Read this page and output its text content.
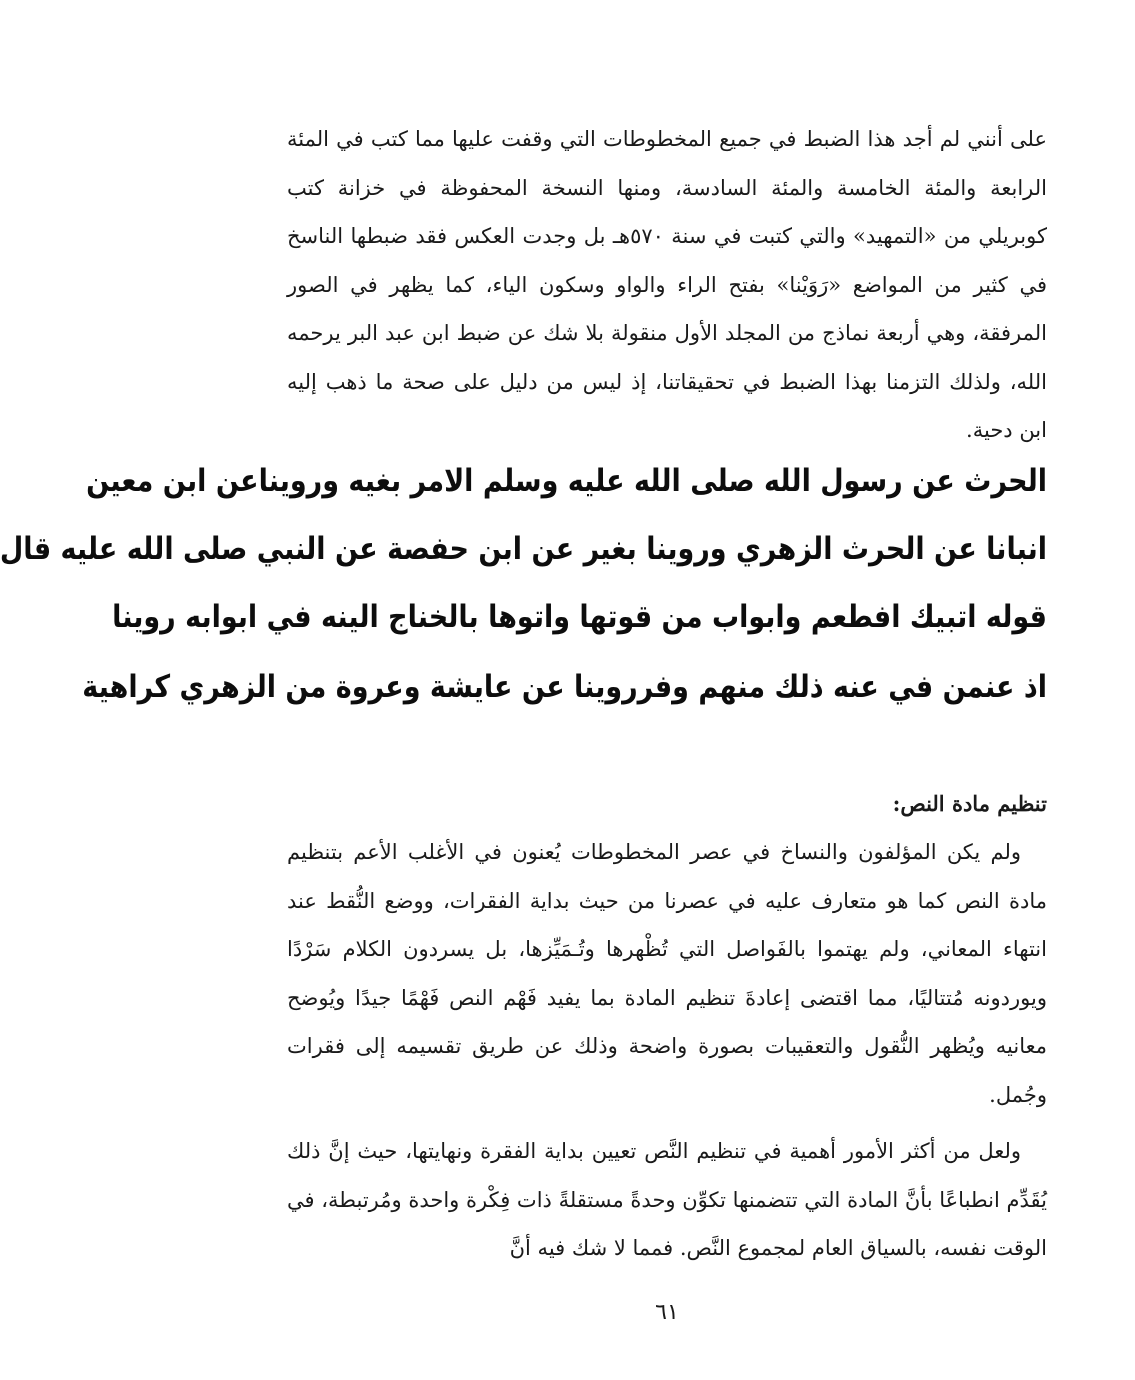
على أنني لم أجد هذا الضبط في جميع المخطوطات التي وقفت عليها مما كتب في المئة الرابعة والمئة الخامسة والمئة السادسة، ومنها النسخة المحفوظة في خزانة كتب كوبريلي من «التمهيد» والتي كتبت في سنة ٥٧٠هـ بل وجدت العكس فقد ضبطها الناسخ في كثير من المواضع «رَوَيْنا» بفتح الراء والواو وسكون الياء، كما يظهر في الصور المرفقة، وهي أربعة نماذج من المجلد الأول منقولة بلا شك عن ضبط ابن عبد البر يرحمه الله، ولذلك التزمنا بهذا الضبط في تحقيقاتنا، إذ ليس من دليل على صحة ما ذهب إليه ابن دحية.

الحرث عن رسول الله صلى الله عليه وسلم الامر بغيه ورويناعن ابن معين
انبانا عن الحرث الزهري وروينا بغير عن ابن حفصة عن النبي صلى الله عليه قال
قوله اتبيك افطعم وابواب من قوتها واتوها بالخناج الينه في ابوابه روينا
اذ عنمن في عنه ذلك منهم وفرروينا عن عايشة وعروة من الزهري كراهية
تنظيم مادة النص:

ولم يكن المؤلفون والنساخ في عصر المخطوطات يُعنون في الأغلب الأعم بتنظيم مادة النص كما هو متعارف عليه في عصرنا من حيث بداية الفقرات، ووضع النُّقط عند انتهاء المعاني، ولم يهتموا بالفَواصل التي تُظْهرها وتُـمَيِّزها، بل يسردون الكلام سَرْدًا ويوردونه مُتتاليًا، مما اقتضى إعادةَ تنظيم المادة بما يفيد فَهْم النص فَهْمًا جيدًا ويُوضح معانيه ويُظهر النُّقول والتعقيبات بصورة واضحة وذلك عن طريق تقسيمه إلى فقرات وجُمل.

ولعل من أكثر الأمور أهمية في تنظيم النَّص تعيين بداية الفقرة ونهايتها، حيث إنَّ ذلك يُقَدِّم انطباعًا بأنَّ المادة التي تتضمنها تكوِّن وحدةً مستقلةً ذات فِكْرة واحدة ومُرتبطة، في الوقت نفسه، بالسياق العام لمجموع النَّص. فمما لا شك فيه أنَّ

٦١
